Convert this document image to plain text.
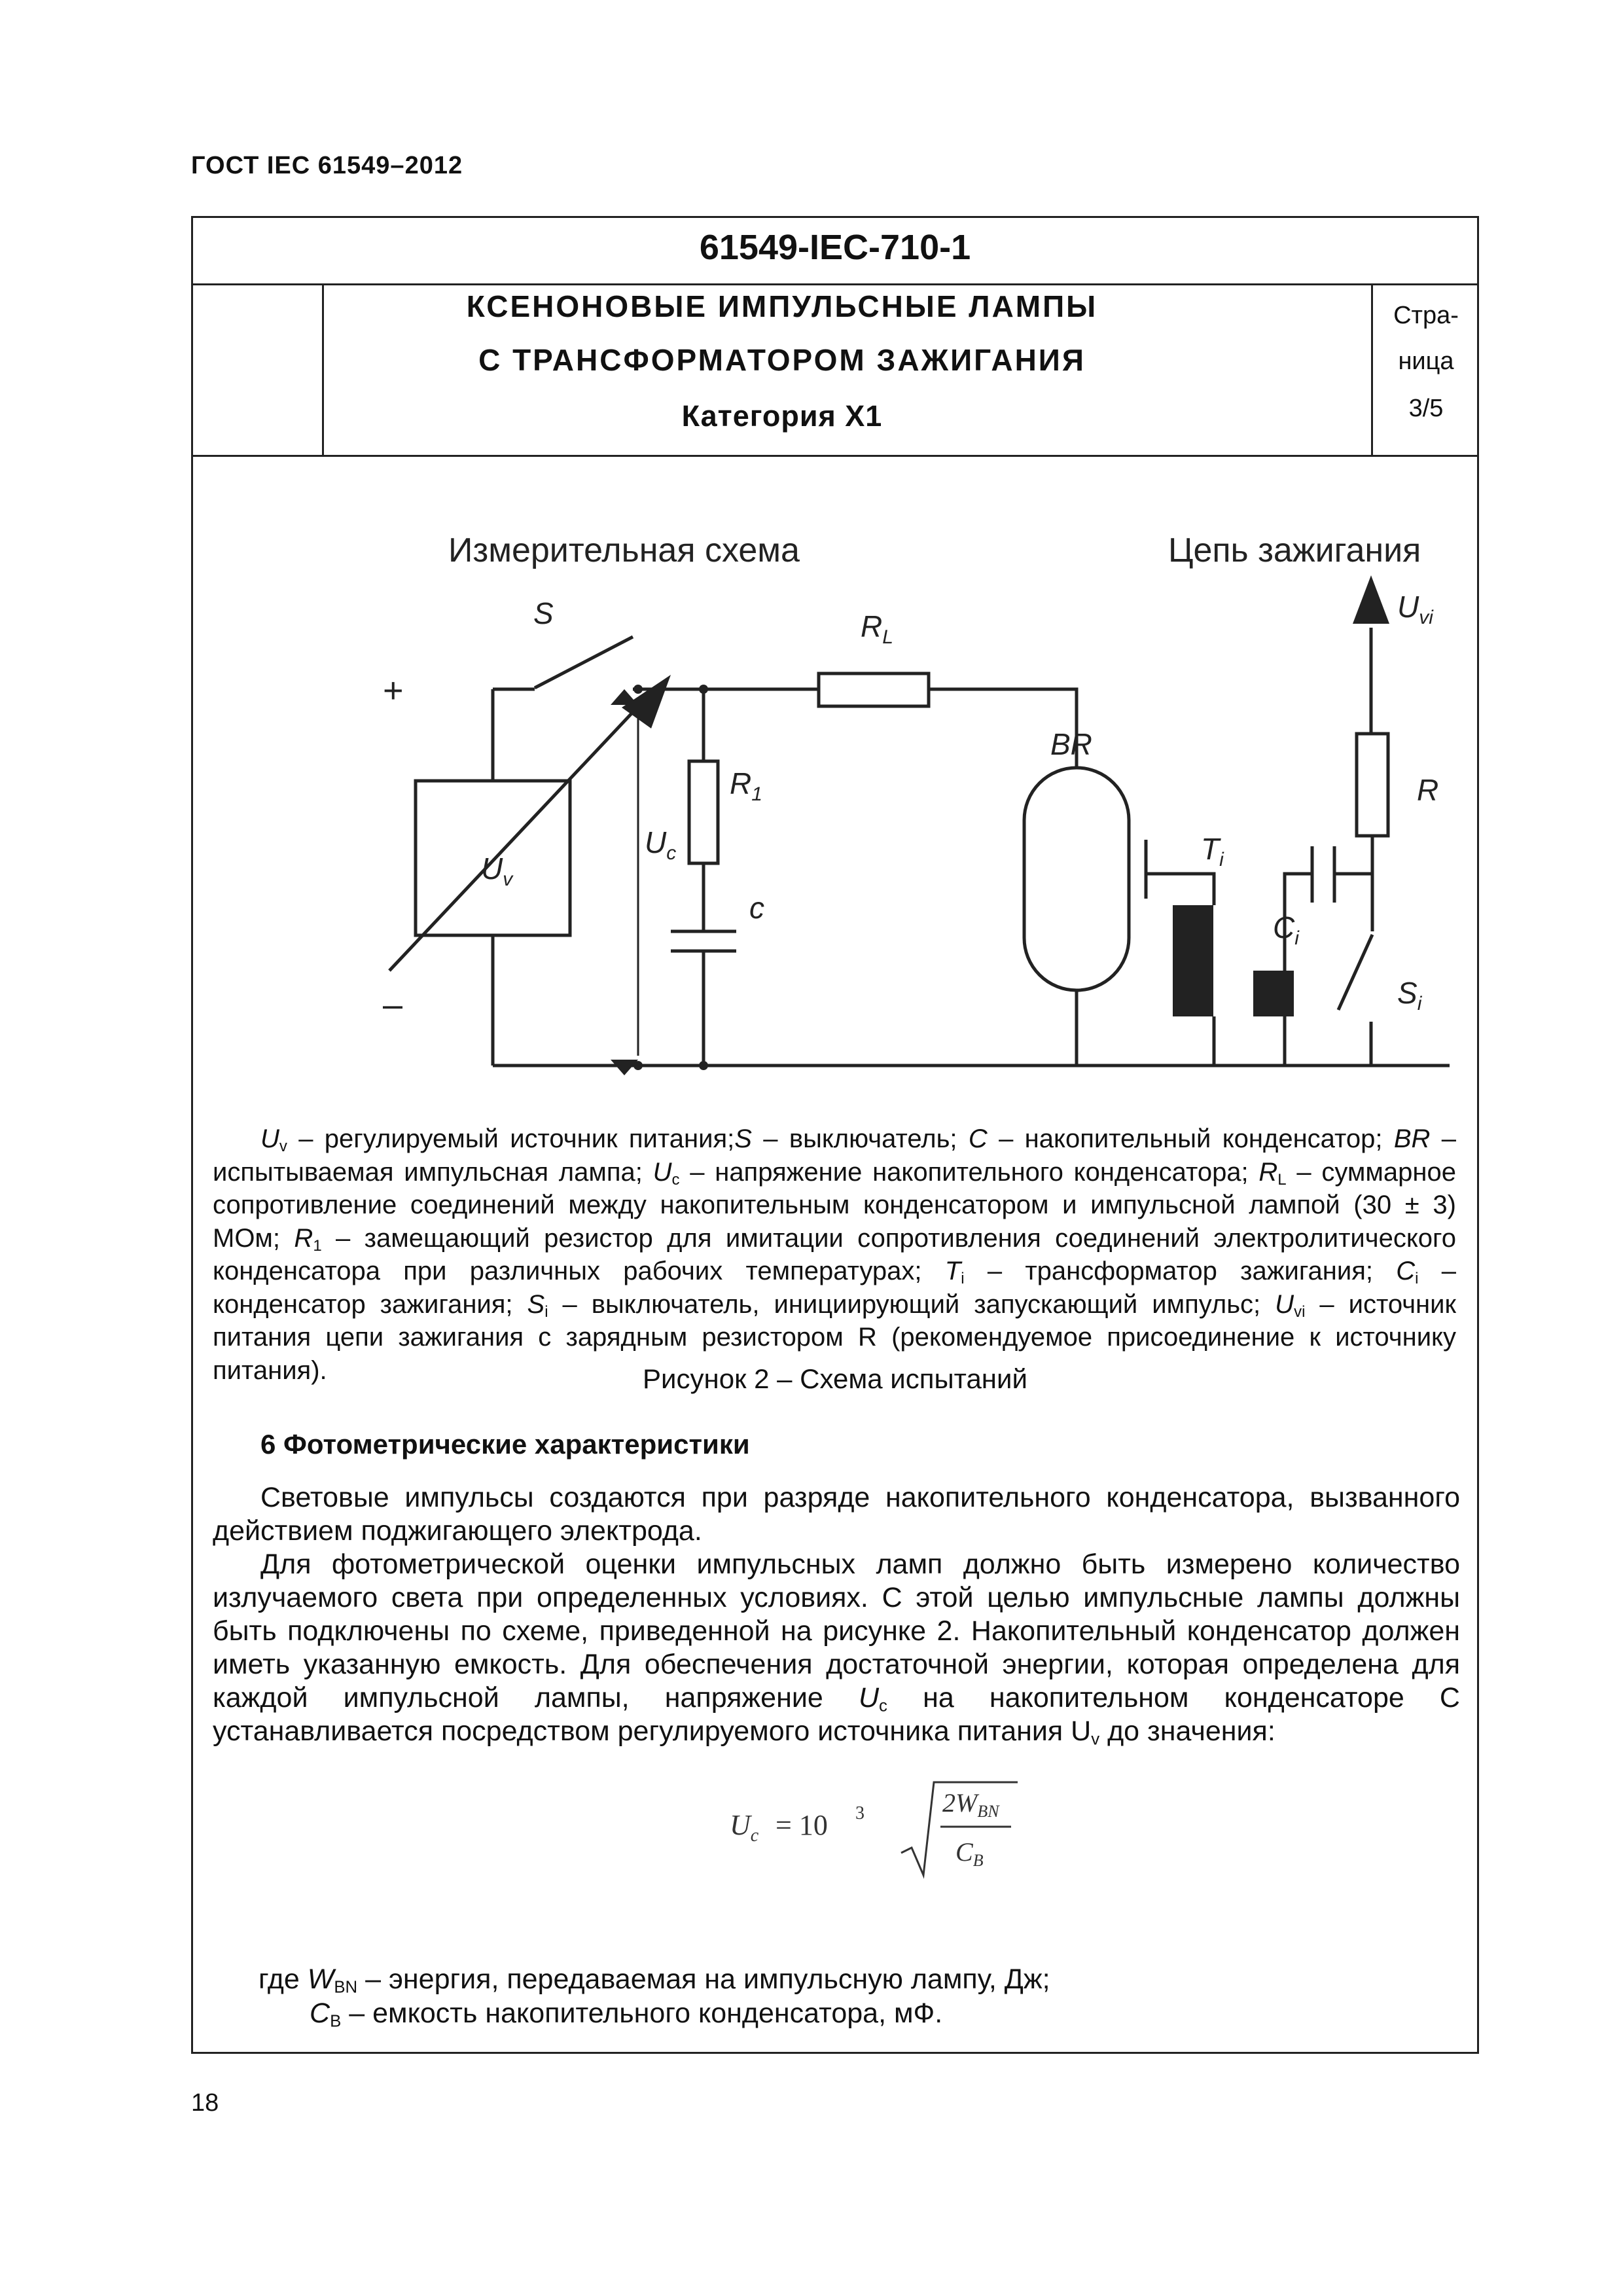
ГОСТ IEC 61549–2012
61549-IEC-710-1
КСЕНОНОВЫЕ ИМПУЛЬСНЫЕ ЛАМПЫ
С ТРАНСФОРМАТОРОМ ЗАЖИГАНИЯ
Категория X1
Стра-
ница
3/5
Измерительная схема	Цепь зажигания
+
–
S	$R_L$
BR
$R_1$
$U_v$
$U_c$
c
$T_i$
$C_i$
$S_i$
$U_{vi}$
R

$U_v$ – регулируемый источник питания;S – выключатель; C – накопительный конденсатор; BR – испытываемая импульсная лампа; $U_c$ – напряжение накопительного конденсатора; $R_L$ – суммарное сопротивление соединений между накопительным конденсатором и импульсной лампой (30 ± 3) МОм; $R_1$ – замещающий резистор для имитации сопротивления соединений электролитического конденсатора при различных рабочих температурах; $T_i$ – трансформатор зажигания; $C_i$ – конденсатор зажигания; $S_i$ – выключатель, инициирующий запускающий импульс; $U_{vi}$ – источник питания цепи зажигания с зарядным резистором R (рекомендуемое присоединение к источнику питания).	Рисунок 2 – Схема испытаний
6 Фотометрические характеристики

Световые импульсы создаются при разряде накопительного конденсатора, вызванного действием поджигающего электрода.

Для фотометрической оценки импульсных ламп должно быть измерено количество излучаемого света при определенных условиях. С этой целью импульсные лампы должны быть подключены по схеме, приведенной на рисунке 2. Накопительный конденсатор должен иметь указанную емкость. Для обеспечения достаточной энергии, которая определена для каждой импульсной лампы, напряжение $U_c$ на накопительном конденсаторе С устанавливается посредством регулируемого источника питания $U_v$ до значения:

$U_c = 10$ 3	$2W_{BN}$
$C_B$
где $W_{BN}$ – энергия, передаваемая на импульсную лампу, Дж;
$C_B$ – емкость накопительного конденсатора, мФ.
18
